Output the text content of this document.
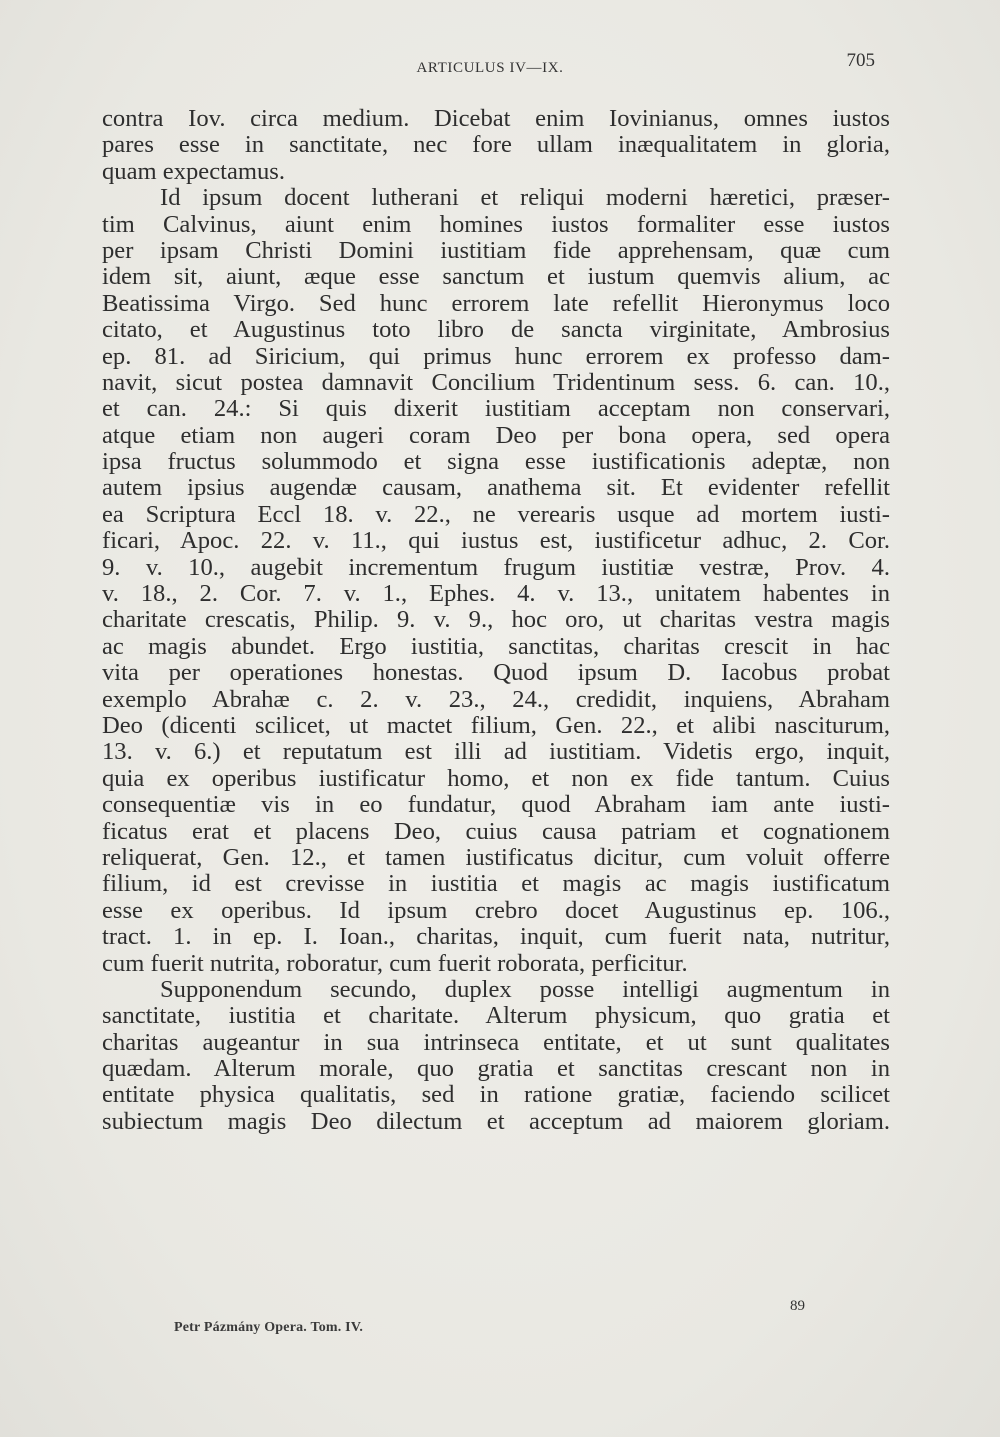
ARTICULUS IV—IX.	705
contra Iov. circa medium. Dicebat enim Iovinianus, omnes iustos
pares esse in sanctitate, nec fore ullam inæqualitatem in gloria,
quam expectamus.
Id ipsum docent lutherani et reliqui moderni hæretici, præser-
tim Calvinus, aiunt enim homines iustos formaliter esse iustos
per ipsam Christi Domini iustitiam fide apprehensam, quæ cum
idem sit, aiunt, æque esse sanctum et iustum quemvis alium, ac
Beatissima Virgo. Sed hunc errorem late refellit Hieronymus loco
citato, et Augustinus toto libro de sancta virginitate, Ambrosius
ep. 81. ad Siricium, qui primus hunc errorem ex professo dam-
navit, sicut postea damnavit Concilium Tridentinum sess. 6. can. 10.,
et can. 24.: Si quis dixerit iustitiam acceptam non conservari,
atque etiam non augeri coram Deo per bona opera, sed opera
ipsa fructus solummodo et signa esse iustificationis adeptæ, non
autem ipsius augendæ causam, anathema sit. Et evidenter refellit
ea Scriptura Eccl 18. v. 22., ne verearis usque ad mortem iusti-
ficari, Apoc. 22. v. 11., qui iustus est, iustificetur adhuc, 2. Cor.
9. v. 10., augebit incrementum frugum iustitiæ vestræ, Prov. 4.
v. 18., 2. Cor. 7. v. 1., Ephes. 4. v. 13., unitatem habentes in
charitate crescatis, Philip. 9. v. 9., hoc oro, ut charitas vestra magis
ac magis abundet. Ergo iustitia, sanctitas, charitas crescit in hac
vita per operationes honestas. Quod ipsum D. Iacobus probat
exemplo Abrahæ c. 2. v. 23., 24., credidit, inquiens, Abraham
Deo (dicenti scilicet, ut mactet filium, Gen. 22., et alibi nasciturum,
13. v. 6.) et reputatum est illi ad iustitiam. Videtis ergo, inquit,
quia ex operibus iustificatur homo, et non ex fide tantum. Cuius
consequentiæ vis in eo fundatur, quod Abraham iam ante iusti-
ficatus erat et placens Deo, cuius causa patriam et cognationem
reliquerat, Gen. 12., et tamen iustificatus dicitur, cum voluit offerre
filium, id est crevisse in iustitia et magis ac magis iustificatum
esse ex operibus. Id ipsum crebro docet Augustinus ep. 106.,
tract. 1. in ep. I. Ioan., charitas, inquit, cum fuerit nata, nutritur,
cum fuerit nutrita, roboratur, cum fuerit roborata, perficitur.
Supponendum secundo, duplex posse intelligi augmentum in
sanctitate, iustitia et charitate. Alterum physicum, quo gratia et
charitas augeantur in sua intrinseca entitate, et ut sunt qualitates
quædam. Alterum morale, quo gratia et sanctitas crescant non in
entitate physica qualitatis, sed in ratione gratiæ, faciendo scilicet
subiectum magis Deo dilectum et acceptum ad maiorem gloriam.
89
Petr Pázmány Opera. Tom. IV.
